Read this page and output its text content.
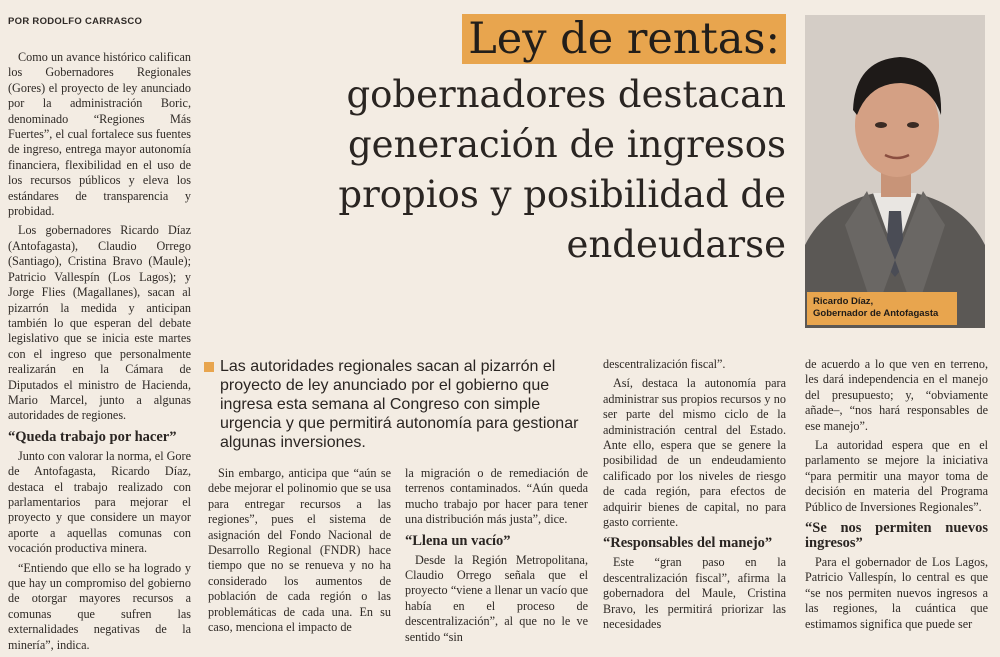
POR RODOLFO CARRASCO	Ley de rentas:
gobernadores destacan
generación de ingresos
propios y posibilidad de
endeudarse
Ricardo Díaz,
Gobernador de Antofagasta

Como un avance histórico califican los Gobernadores Regionales (Gores) el proyecto de ley anunciado por la administración Boric, denominado “Regiones Más Fuertes”, el cual fortalece sus fuentes de ingreso, entrega mayor autonomía financiera, flexibilidad en el uso de los recursos públicos y eleva los estándares de transparencia y probidad.

Los gobernadores Ricardo Díaz (Antofagasta), Claudio Orrego (Santiago), Cristina Bravo (Maule); Patricio Vallespín (Los Lagos); y Jorge Flies (Magallanes), sacan al pizarrón la medida y anticipan también lo que esperan del debate legislativo que se inicia este martes con el ingreso que personalmente realizarán en la Cámara de Diputados el ministro de Hacienda, Mario Marcel, junto a algunas autoridades de regiones.

“Queda trabajo por hacer”

Junto con valorar la norma, el Gore de Antofagasta, Ricardo Díaz, destaca el trabajo realizado con parlamentarios para mejorar el proyecto y que considere un mayor aporte a aquellas comunas con vocación productiva minera.

“Entiendo que ello se ha logrado y que hay un compromiso del gobierno de otorgar mayores recursos a comunas que sufren las externalidades negativas de la minería”, indica.

Las autoridades regionales sacan al pizarrón el proyecto de ley anunciado por el gobierno que ingresa esta semana al Congreso con simple urgencia y que permitirá autonomía para gestionar algunas inversiones.

Sin embargo, anticipa que “aún se debe mejorar el polinomio que se usa para entregar recursos a las regiones”, pues el sistema de asignación del Fondo Nacional de Desarrollo Regional (FNDR) hace tiempo que no se renueva y no ha considerado los aumentos de población de cada región o las problemáticas de cada una. En su caso, menciona el impacto de

la migración o de remediación de terrenos contaminados. “Aún queda mucho trabajo por hacer para tener una distribución más justa”, dice.

“Llena un vacío”

Desde la Región Metropolitana, Claudio Orrego señala que el proyecto “viene a llenar un vacío que había en el proceso de descentralización”, al que no le ve sentido “sin

descentralización fiscal”.

Así, destaca la autonomía para administrar sus propios recursos y no ser parte del mismo ciclo de la administración central del Estado. Ante ello, espera que se genere la posibilidad de un endeudamiento calificado por los niveles de riesgo de cada región, para efectos de adquirir bienes de capital, no para gasto corriente.

“Responsables del manejo”

Este “gran paso en la descentralización fiscal”, afirma la gobernadora del Maule, Cristina Bravo, les permitirá priorizar las necesidades

de acuerdo a lo que ven en terreno, les dará independencia en el manejo del presupuesto; y, “obviamente añade–, “nos hará responsables de ese manejo”.

La autoridad espera que en el parlamento se mejore la iniciativa “para permitir una mayor toma de decisión en materia del Programa Público de Inversiones Regionales”.

“Se nos permiten nuevos ingresos”

Para el gobernador de Los Lagos, Patricio Vallespín, lo central es que “se nos permiten nuevos ingresos a las regiones, la cuántica que estimamos significa que puede ser
